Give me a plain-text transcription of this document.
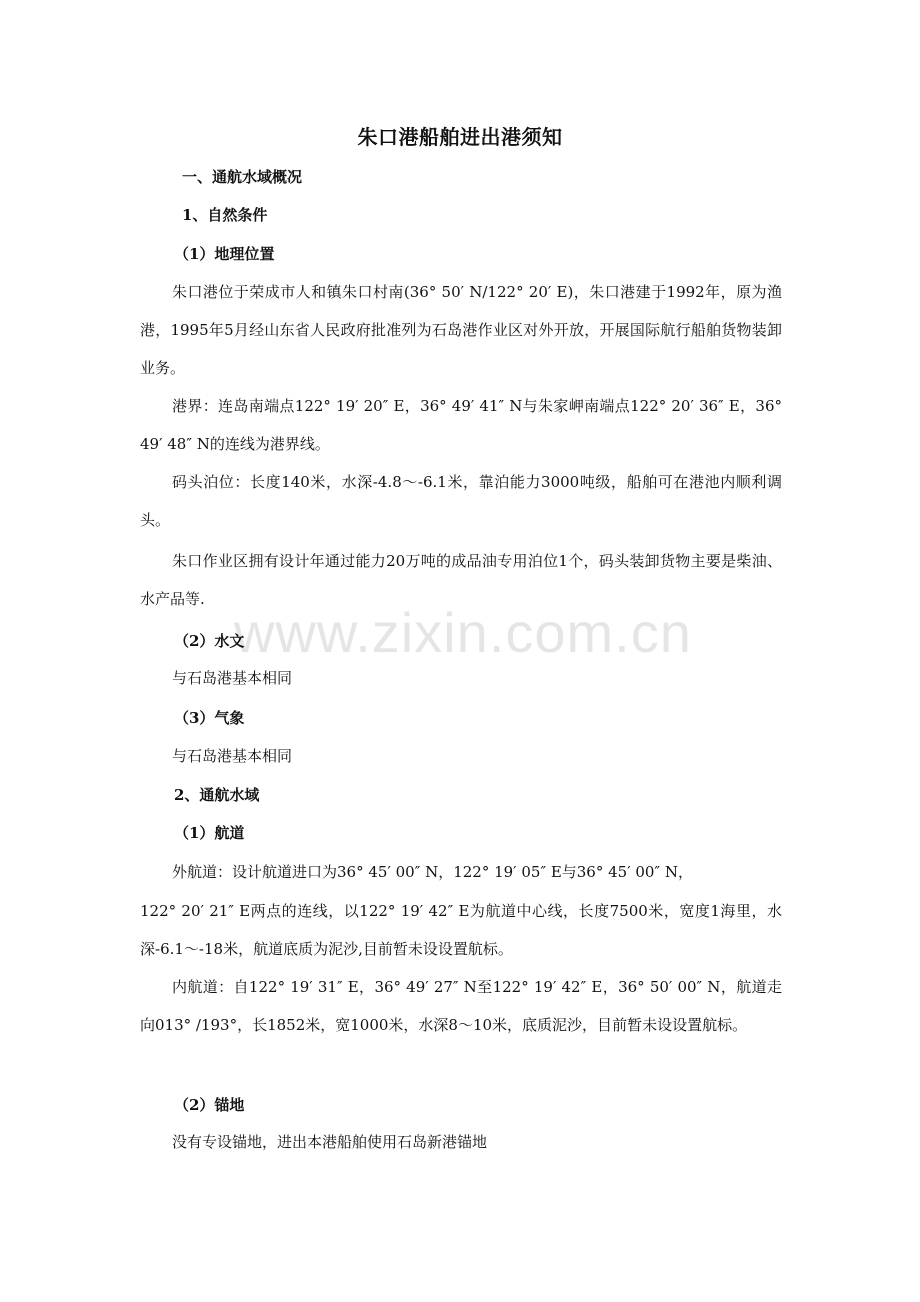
朱口港船舶进出港须知
一、通航水域概况
1、自然条件
（1）地理位置
朱口港位于荣成市人和镇朱口村南(36° 50′ N/122° 20′ E)，朱口港建于1992年，原为渔港，1995年5月经山东省人民政府批准列为石岛港作业区对外开放，开展国际航行船舶货物装卸业务。
港界：连岛南端点122° 19′ 20″ E，36° 49′ 41″ N与朱家岬南端点122° 20′ 36″ E，36° 49′ 48″ N的连线为港界线。
码头泊位：长度140米，水深-4.8～-6.1米，靠泊能力3000吨级，船舶可在港池内顺利调头。
朱口作业区拥有设计年通过能力20万吨的成品油专用泊位1个，码头装卸货物主要是柴油、水产品等.
（2）水文
与石岛港基本相同
（3）气象
与石岛港基本相同
2、通航水域
（1）航道
外航道：设计航道进口为36° 45′ 00″ N，122° 19′ 05″ E与36° 45′ 00″ N，
122° 20′ 21″ E两点的连线，以122° 19′ 42″ E为航道中心线，长度7500米，宽度1海里，水深-6.1～-18米，航道底质为泥沙,目前暂未设设置航标。
内航道：自122° 19′ 31″ E，36° 49′ 27″ N至122° 19′ 42″ E，36° 50′ 00″ N，航道走向013° /193°，长1852米，宽1000米，水深8～10米，底质泥沙，目前暂未设设置航标。
（2）锚地
没有专设锚地，进出本港船舶使用石岛新港锚地
www.zixin.com.cn
